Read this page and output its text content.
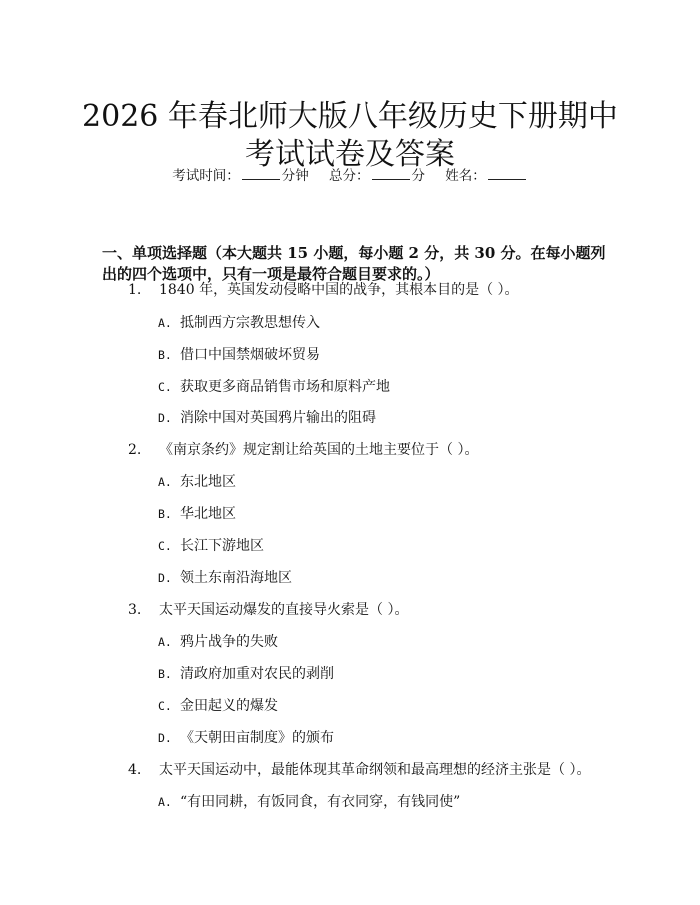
2026 年春北师大版八年级历史下册期中考试试卷及答案
考试时间：	分钟 总分：	分 姓名：
一、单项选择题（本大题共 15 小题，每小题 2 分，共 30 分。在每小题列出的四个选项中，只有一项是最符合题目要求的。）
1. 1840 年，英国发动侵略中国的战争，其根本目的是（ ）。
A. 抵制西方宗教思想传入
B. 借口中国禁烟破坏贸易
C. 获取更多商品销售市场和原料产地
D. 消除中国对英国鸦片输出的阻碍
2. 《南京条约》规定割让给英国的土地主要位于（ ）。
A. 东北地区
B. 华北地区
C. 长江下游地区
D. 领土东南沿海地区
3. 太平天国运动爆发的直接导火索是（ ）。
A. 鸦片战争的失败
B. 清政府加重对农民的剥削
C. 金田起义的爆发
D. 《天朝田亩制度》的颁布
4. 太平天国运动中，最能体现其革命纲领和最高理想的经济主张是（ ）。
A. “有田同耕，有饭同食，有衣同穿，有钱同使”
